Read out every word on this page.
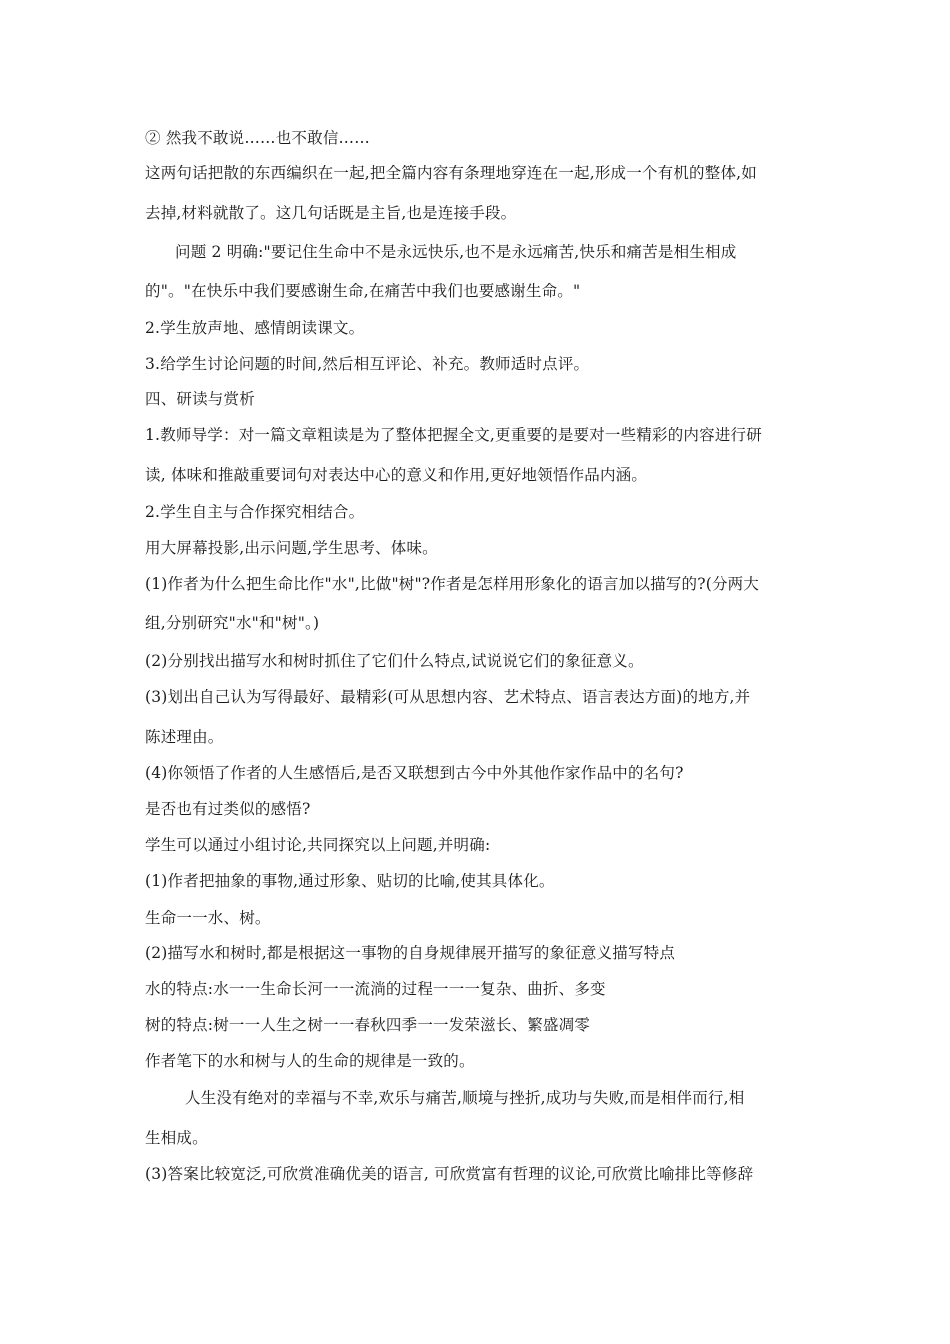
② 然我不敢说……也不敢信……
这两句话把散的东西编织在一起,把全篇内容有条理地穿连在一起,形成一个有机的整体,如
去掉,材料就散了。这几句话既是主旨,也是连接手段。
问题 2 明确:"要记住生命中不是永远快乐,也不是永远痛苦,快乐和痛苦是相生相成
的"。"在快乐中我们要感谢生命,在痛苦中我们也要感谢生命。"
2.学生放声地、感情朗读课文。
3.给学生讨论问题的时间,然后相互评论、补充。教师适时点评。
四、研读与赏析
1.教师导学：对一篇文章粗读是为了整体把握全文,更重要的是要对一些精彩的内容进行研
读, 体味和推敲重要词句对表达中心的意义和作用,更好地领悟作品内涵。
2.学生自主与合作探究相结合。
用大屏幕投影,出示问题,学生思考、体味。
(1)作者为什么把生命比作"水",比做"树"?作者是怎样用形象化的语言加以描写的?(分两大
组,分别研究"水"和"树"。)
(2)分别找出描写水和树时抓住了它们什么特点,试说说它们的象征意义。
(3)划出自己认为写得最好、最精彩(可从思想内容、艺术特点、语言表达方面)的地方,并
陈述理由。
(4)你领悟了作者的人生感悟后,是否又联想到古今中外其他作家作品中的名句?
是否也有过类似的感悟?
学生可以通过小组讨论,共同探究以上问题,并明确:
(1)作者把抽象的事物,通过形象、贴切的比喻,使其具体化。
生命一一水、树。
(2)描写水和树时,都是根据这一事物的自身规律展开描写的象征意义描写特点
水的特点:水一一生命长河一一流淌的过程一一一复杂、曲折、多变
树的特点:树一一人生之树一一春秋四季一一发荣滋长、繁盛凋零
作者笔下的水和树与人的生命的规律是一致的。
人生没有绝对的幸福与不幸,欢乐与痛苦,顺境与挫折,成功与失败,而是相伴而行,相
生相成。
(3)答案比较宽泛,可欣赏准确优美的语言, 可欣赏富有哲理的议论,可欣赏比喻排比等修辞
